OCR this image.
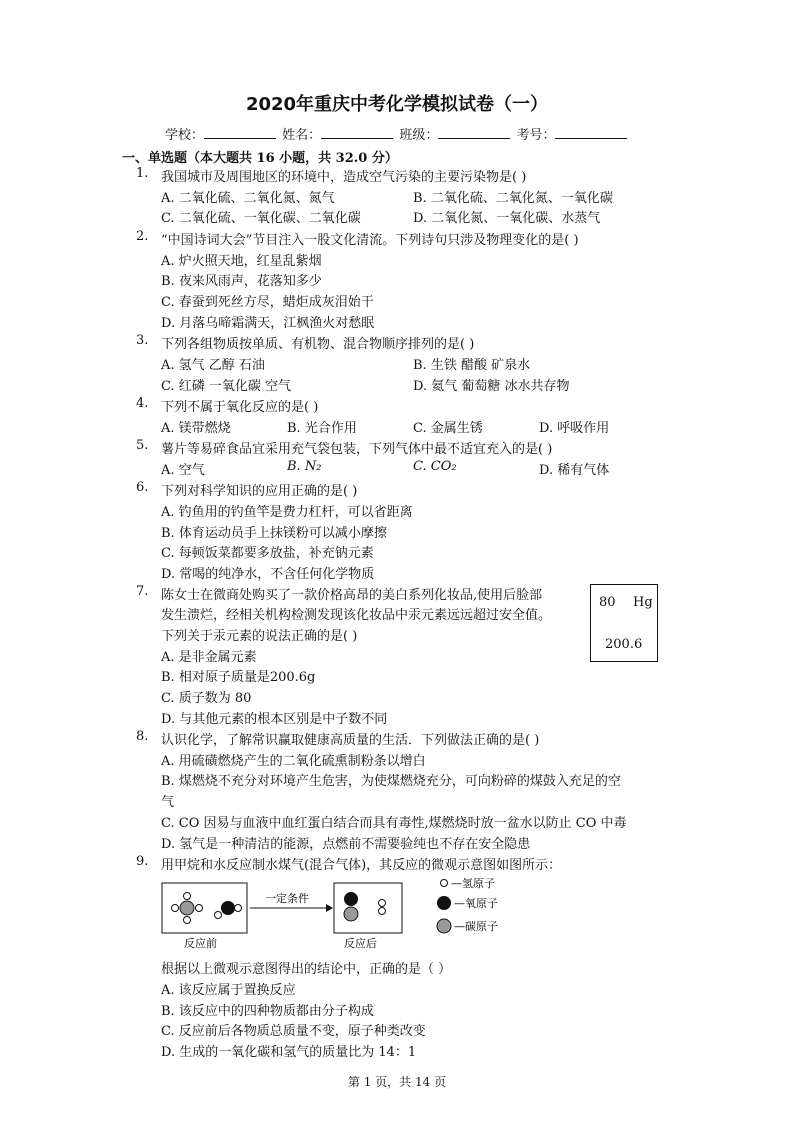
2020年重庆中考化学模拟试卷（一）
学校：	姓名：	班级：	考号：
一、单选题（本大题共 16 小题，共 32.0 分）
1. 我国城市及周围地区的环境中，造成空气污染的主要污染物是( )
A. 二氧化硫、二氧化氮、氮气	B. 二氧化硫、二氧化氮、一氧化碳
C. 二氧化硫、一氧化碳、二氧化碳	D. 二氧化氮、一氧化碳、水蒸气
2. “中国诗词大会”节目注入一股文化清流。下列诗句只涉及物理变化的是( )
A. 炉火照天地，红星乱紫烟
B. 夜来风雨声，花落知多少
C. 春蚕到死丝方尽，蜡炬成灰泪始干
D. 月落乌啼霜满天，江枫渔火对愁眠
3. 下列各组物质按单质、有机物、混合物顺序排列的是( )
A. 氢气 乙醇 石油	B. 生铁 醋酸 矿泉水
C. 红磷 一氧化碳 空气	D. 氦气 葡萄糖 冰水共存物
4. 下列不属于氧化反应的是( )
A. 镁带燃烧	B. 光合作用	C. 金属生锈	D. 呼吸作用
5. 薯片等易碎食品宜采用充气袋包装，下列气体中最不适宜充入的是( )
A. 空气	B. N₂	C. CO₂	D. 稀有气体
6. 下列对科学知识的应用正确的是( )
A. 钓鱼用的钓鱼竿是费力杠杆，可以省距离
B. 体育运动员手上抹镁粉可以减小摩擦
C. 每顿饭菜都要多放盐，补充钠元素
D. 常喝的纯净水，不含任何化学物质
7. 陈女士在微商处购买了一款价格高昂的美白系列化妆品,使用后脸部
发生溃烂，经相关机构检测发现该化妆品中汞元素远远超过安全值。
下列关于汞元素的说法正确的是( )
80 Hg
200.6
A. 是非金属元素
B. 相对原子质量是200.6g
C. 质子数为 80
D. 与其他元素的根本区别是中子数不同
8. 认识化学，了解常识赢取健康高质量的生活．下列做法正确的是( )
A. 用硫磺燃烧产生的二氧化硫熏制粉条以增白
B. 煤燃烧不充分对环境产生危害，为使煤燃烧充分，可向粉碎的煤鼓入充足的空
气
C. CO 因易与血液中血红蛋白结合而具有毒性,煤燃烧时放一盆水以防止 CO 中毒
D. 氢气是一种清洁的能源，点燃前不需要验纯也不存在安全隐患
9. 用甲烷和水反应制水煤气(混合气体)，其反应的微观示意图如图所示：
一定条件
反应前	反应后
—氢原子
—氧原子
—碳原子
根据以上微观示意图得出的结论中，正确的是（ ）
A. 该反应属于置换反应
B. 该反应中的四种物质都由分子构成
C. 反应前后各物质总质量不变，原子种类改变
D. 生成的一氧化碳和氢气的质量比为 14：1
第 1 页，共 14 页
